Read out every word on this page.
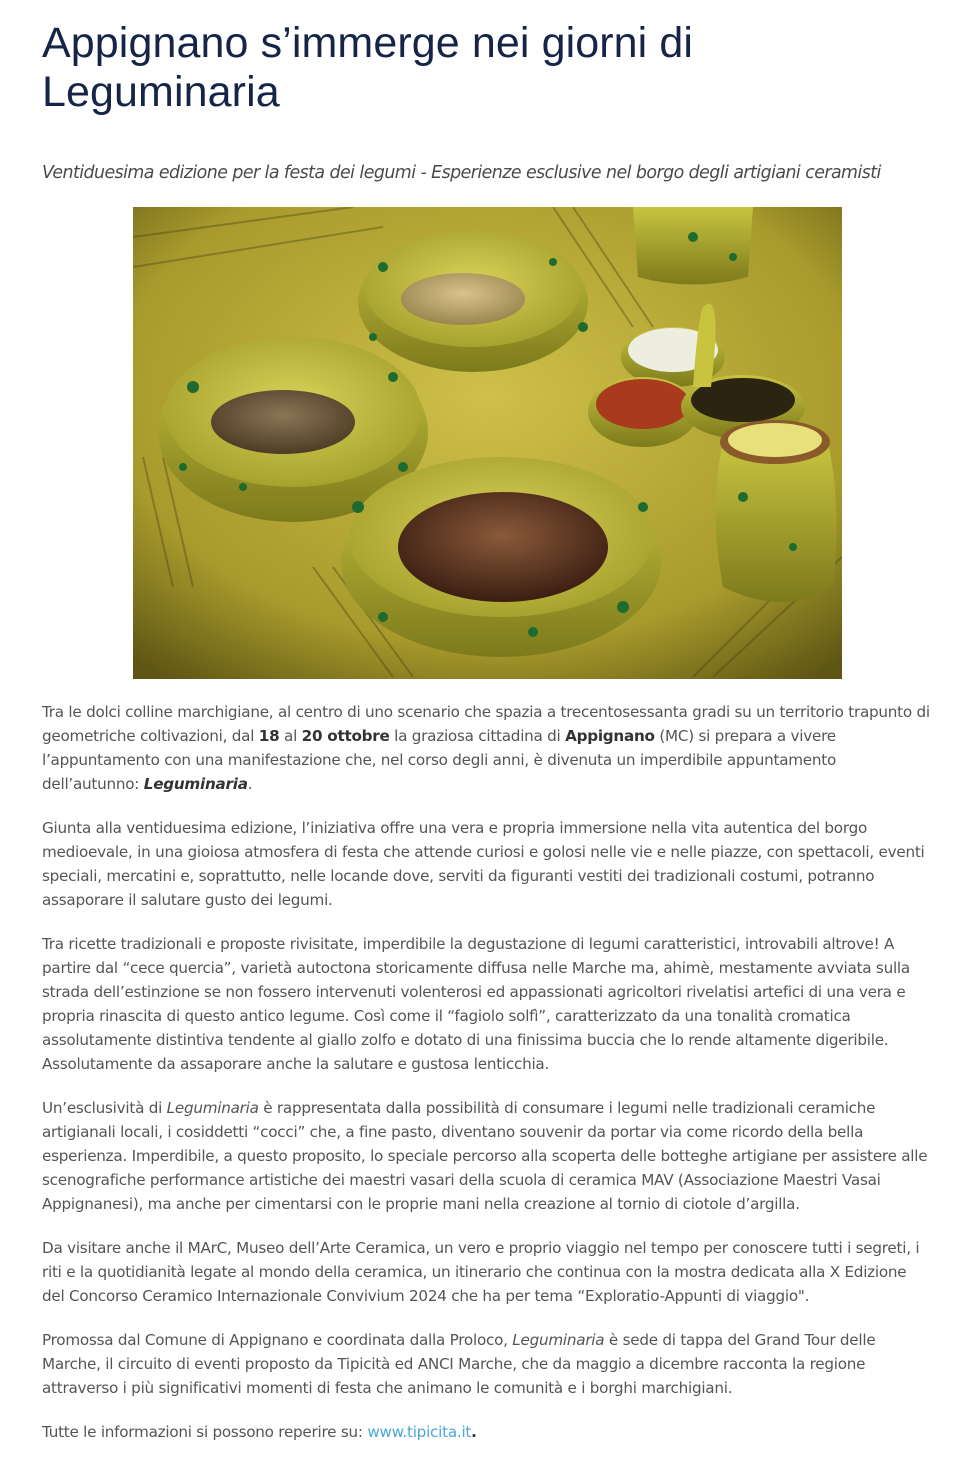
Appignano s’immerge nei giorni di Leguminaria
Ventiduesima edizione per la festa dei legumi - Esperienze esclusive nel borgo degli artigiani ceramisti

Tra le dolci colline marchigiane, al centro di uno scenario che spazia a trecentosessanta gradi su un territorio trapunto di geometriche coltivazioni, dal 18 al 20 ottobre la graziosa cittadina di Appignano (MC) si prepara a vivere l’appuntamento con una manifestazione che, nel corso degli anni, è divenuta un imperdibile appuntamento dell’autunno: Leguminaria.

Giunta alla ventiduesima edizione, l’iniziativa offre una vera e propria immersione nella vita autentica del borgo medioevale, in una gioiosa atmosfera di festa che attende curiosi e golosi nelle vie e nelle piazze, con spettacoli, eventi speciali, mercatini e, soprattutto, nelle locande dove, serviti da figuranti vestiti dei tradizionali costumi, potranno assaporare il salutare gusto dei legumi.

Tra ricette tradizionali e proposte rivisitate, imperdibile la degustazione di legumi caratteristici, introvabili altrove! A partire dal “cece quercia”, varietà autoctona storicamente diffusa nelle Marche ma, ahimè, mestamente avviata sulla strada dell’estinzione se non fossero intervenuti volenterosi ed appassionati agricoltori rivelatisi artefici di una vera e propria rinascita di questo antico legume. Così come il “fagiolo solfì”, caratterizzato da una tonalità cromatica assolutamente distintiva tendente al giallo zolfo e dotato di una finissima buccia che lo rende altamente digeribile. Assolutamente da assaporare anche la salutare e gustosa lenticchia.

Un’esclusività di Leguminaria è rappresentata dalla possibilità di consumare i legumi nelle tradizionali ceramiche artigianali locali, i cosiddetti “cocci” che, a fine pasto, diventano souvenir da portar via come ricordo della bella esperienza. Imperdibile, a questo proposito, lo speciale percorso alla scoperta delle botteghe artigiane per assistere alle scenografiche performance artistiche dei maestri vasari della scuola di ceramica MAV (Associazione Maestri Vasai Appignanesi), ma anche per cimentarsi con le proprie mani nella creazione al tornio di ciotole d’argilla.

Da visitare anche il MArC, Museo dell’Arte Ceramica, un vero e proprio viaggio nel tempo per conoscere tutti i segreti, i riti e la quotidianità legate al mondo della ceramica, un itinerario che continua con la mostra dedicata alla X Edizione del Concorso Ceramico Internazionale Convivium 2024 che ha per tema “Exploratio-Appunti di viaggio".

Promossa dal Comune di Appignano e coordinata dalla Proloco, Leguminaria è sede di tappa del Grand Tour delle Marche, il circuito di eventi proposto da Tipicità ed ANCI Marche, che da maggio a dicembre racconta la regione attraverso i più significativi momenti di festa che animano le comunità e i borghi marchigiani.

Tutte le informazioni si possono reperire su: www.tipicita.it.
